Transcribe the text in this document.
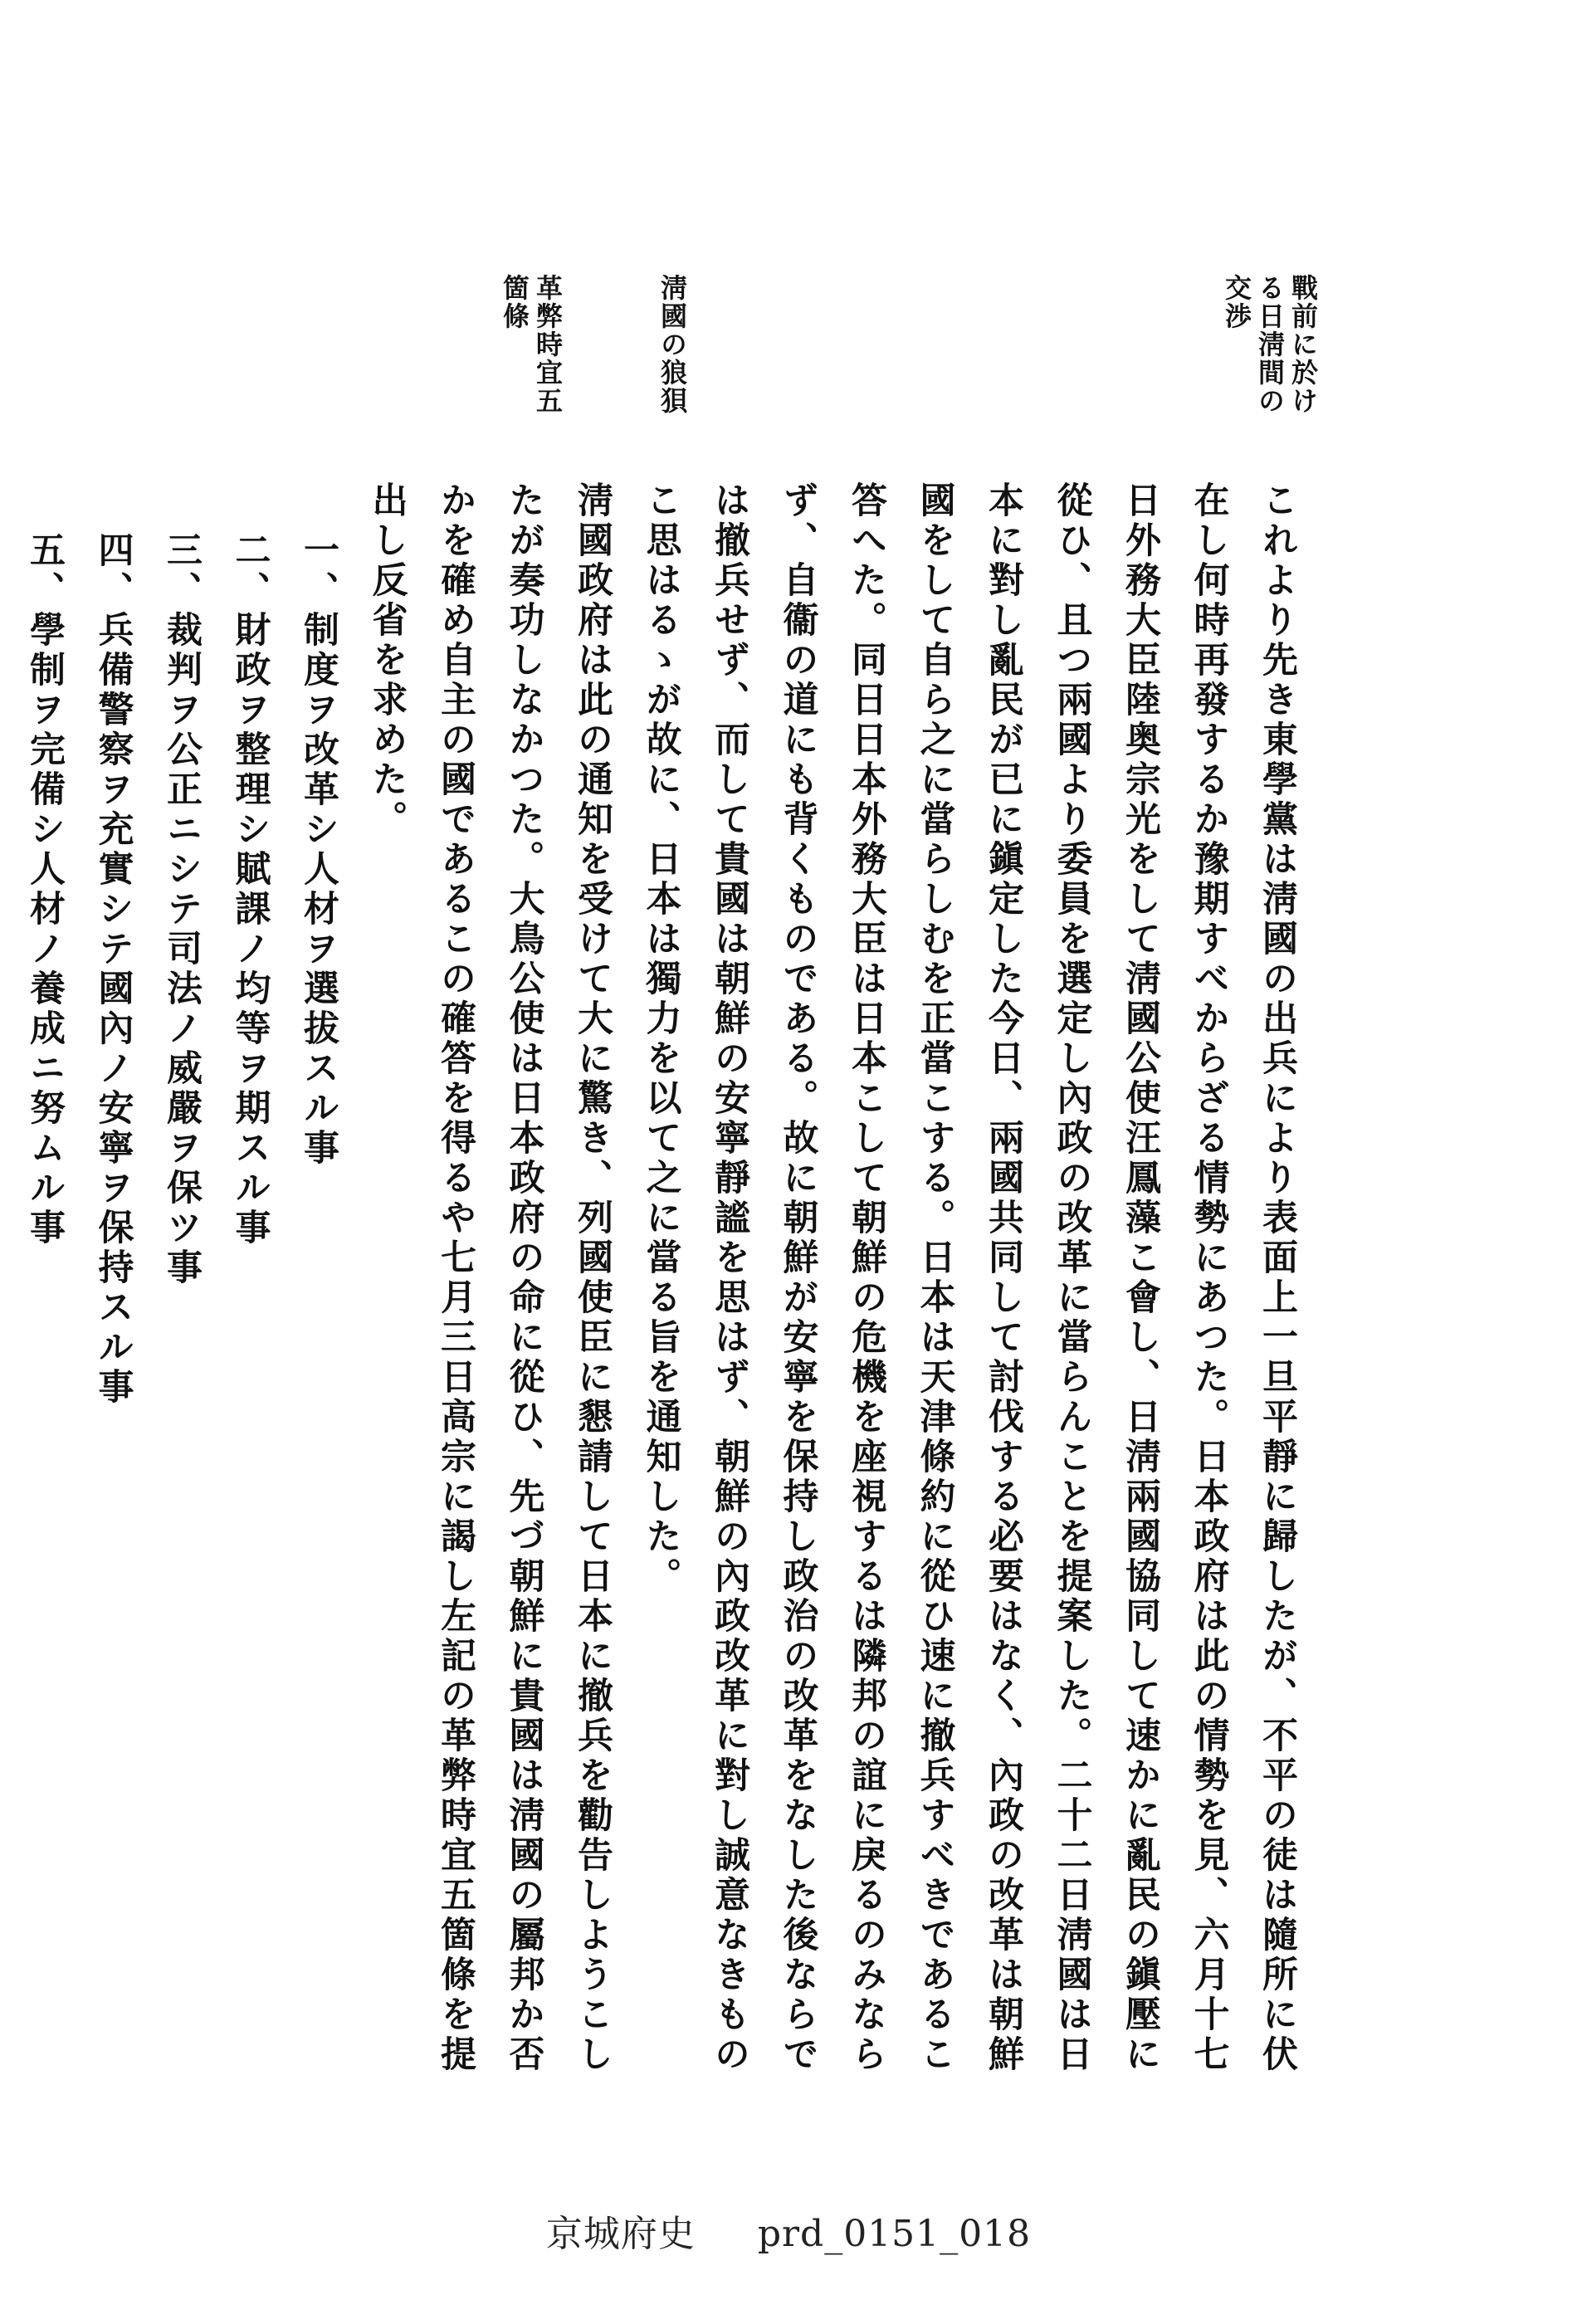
戰前に於ける日淸間の交渉
淸國の狼狽
革弊時宜五箇條

これより先き東學黨は淸國の出兵により表面上一旦平靜に歸したが、不平の徒は隨所に伏在し何時再發するか豫期すべからざる情勢にあつた。日本政府は此の情勢を見、六月十七日外務大臣陸奥宗光をして淸國公使汪鳳藻こ會し、日淸兩國協同して速かに亂民の鎭壓に從ひ、且つ兩國より委員を選定し內政の改革に當らんことを提案した。二十二日淸國は日本に對し亂民が已に鎭定した今日、兩國共同して討伐する必要はなく、內政の改革は朝鮮國をして自ら之に當らしむを正當こする。日本は天津條約に從ひ速に撤兵すべきであるこ答へた。同日日本外務大臣は日本こして朝鮮の危機を座視するは隣邦の誼に戾るのみならず、自衞の道にも背くものである。故に朝鮮が安寧を保持し政治の改革をなした後ならでは撤兵せず、而して貴國は朝鮮の安寧靜謐を思はず、朝鮮の內政改革に對し誠意なきものこ思はるゝが故に、日本は獨力を以て之に當る旨を通知した。

淸國政府は此の通知を受けて大に驚き、列國使臣に懇請して日本に撤兵を勸告しようこしたが奏功しなかつた。大鳥公使は日本政府の命に從ひ、先づ朝鮮に貴國は淸國の屬邦か否かを確め自主の國であるこの確答を得るや七月三日高宗に謁し左記の革弊時宜五箇條を提出し反省を求めた。

一、制度ヲ改革シ人材ヲ選拔スル事
二、財政ヲ整理シ賦課ノ均等ヲ期スル事
三、裁判ヲ公正ニシテ司法ノ威嚴ヲ保ツ事
四、兵備警察ヲ充實シテ國內ノ安寧ヲ保持スル事
五、學制ヲ完備シ人材ノ養成ニ努ムル事
京城府史 prd_0151_018
